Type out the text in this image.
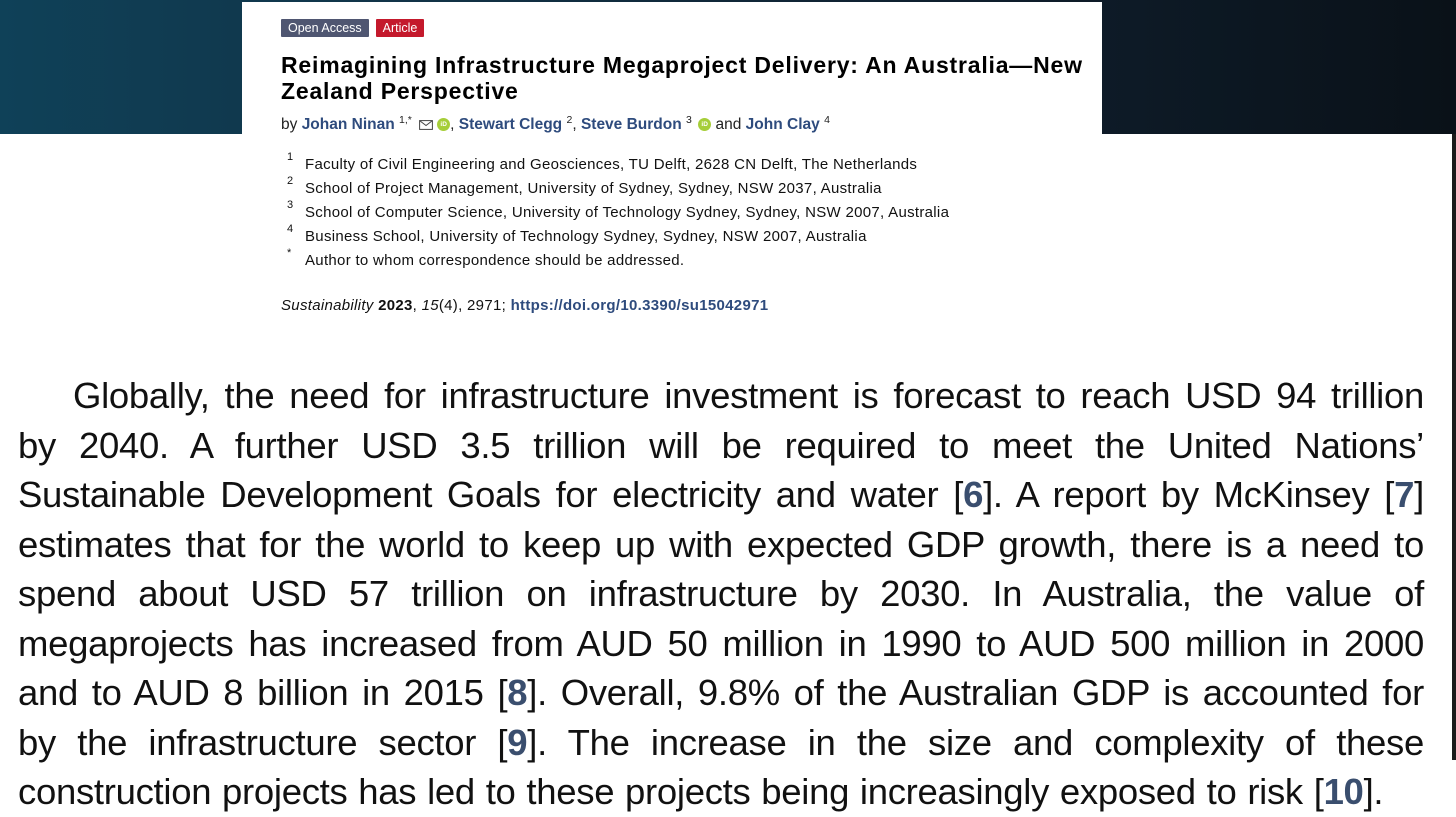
Open Access	Article
Reimagining Infrastructure Megaproject Delivery: An Australia—New Zealand Perspective
by Johan Ninan $^{1,*}$	iD , Stewart Clegg $^2$, Steve Burdon $^3$ iD and John Clay $^4$
1 Faculty of Civil Engineering and Geosciences, TU Delft, 2628 CN Delft, The Netherlands
2 School of Project Management, University of Sydney, Sydney, NSW 2037, Australia
3 School of Computer Science, University of Technology Sydney, Sydney, NSW 2007, Australia
4 Business School, University of Technology Sydney, Sydney, NSW 2007, Australia
* Author to whom correspondence should be addressed.
Sustainability 2023, 15(4), 2971; https://doi.org/10.3390/su15042971

Globally, the need for infrastructure investment is forecast to reach USD 94 trillion by 2040. A further USD 3.5 trillion will be required to meet the United Nations’ Sustainable Development Goals for electricity and water [6]. A report by McKinsey [7] estimates that for the world to keep up with expected GDP growth, there is a need to spend about USD 57 trillion on infrastructure by 2030. In Australia, the value of megaprojects has increased from AUD 50 million in 1990 to AUD 500 million in 2000 and to AUD 8 billion in 2015 [8]. Overall, 9.8% of the Australian GDP is accounted for by the infrastructure sector [9]. The increase in the size and complexity of these construction projects has led to these projects being increasingly exposed to risk [10].
